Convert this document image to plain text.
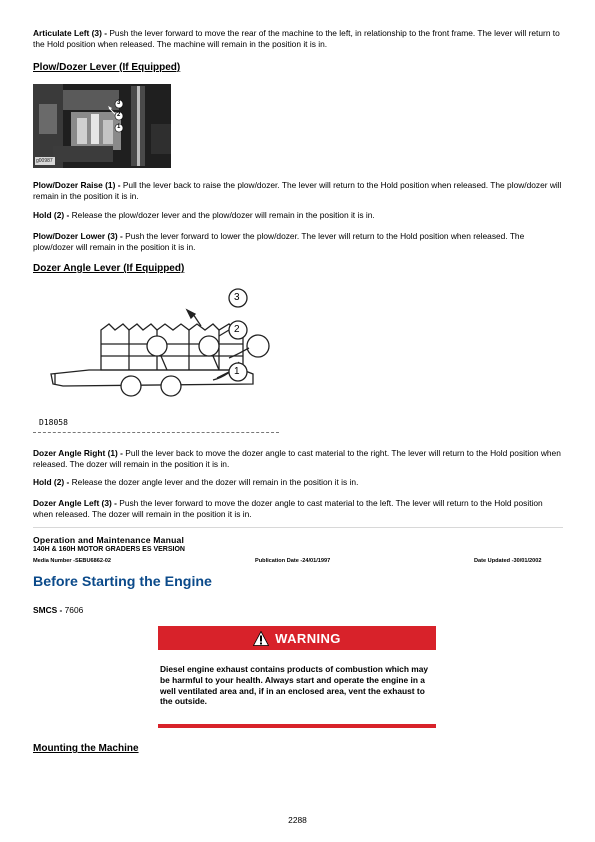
Articulate Left (3) - Push the lever forward to move the rear of the machine to the left, in relationship to the front frame. The lever will return to the Hold position when released. The machine will remain in the position it is in.

Plow/Dozer Lever (If Equipped)
3
2
1
g00987

Plow/Dozer Raise (1) - Pull the lever back to raise the plow/dozer. The lever will return to the Hold position when released. The plow/dozer will remain in the position it is in.

Hold (2) - Release the plow/dozer lever and the plow/dozer will remain in the position it is in.

Plow/Dozer Lower (3) - Push the lever forward to lower the plow/dozer. The lever will return to the Hold position when released. The plow/dozer will remain in the position it is in.

Dozer Angle Lever (If Equipped)
3
2
1
D18058

Dozer Angle Right (1) - Pull the lever back to move the dozer angle to cast material to the right. The lever will return to the Hold position when released. The dozer will remain in the position it is in.

Hold (2) - Release the dozer angle lever and the dozer will remain in the position it is in.

Dozer Angle Left (3) - Push the lever forward to move the dozer angle to cast material to the left. The lever will return to the Hold position when released. The dozer will remain in the position it is in.

Operation and Maintenance Manual
140H & 160H MOTOR GRADERS ES VERSION
Media Number -SEBU6862-02	Publication Date -24/01/1997	Date Updated -30/01/2002
Before Starting the Engine
SMCS - 7606
WARNING

Diesel engine exhaust contains products of combustion which may be harmful to your health. Always start and operate the engine in a well ventilated area and, if in an enclosed area, vent the exhaust to the outside.

Mounting the Machine
2288
